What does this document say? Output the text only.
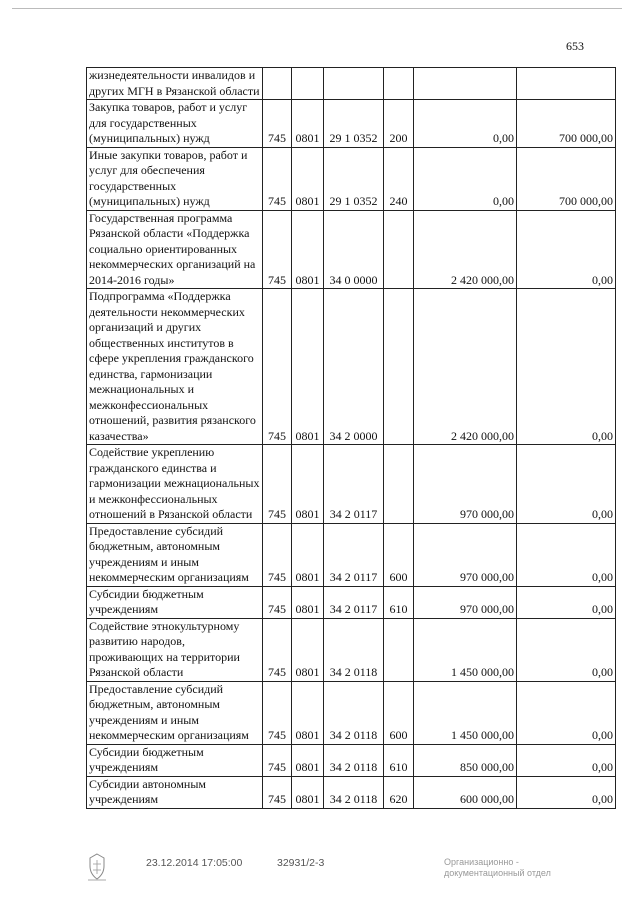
653
жизнедеятельности инвалидов и других МГН в Рязанской области						
Закупка товаров, работ и услуг для государственных (муниципальных) нужд	745	0801	29 1 0352	200	0,00	700 000,00
Иные закупки товаров, работ и услуг для обеспечения государственных (муниципальных) нужд	745	0801	29 1 0352	240	0,00	700 000,00
Государственная программа Рязанской области «Поддержка социально ориентированных некоммерческих организаций на 2014-2016 годы»	745	0801	34 0 0000		2 420 000,00	0,00
Подпрограмма «Поддержка деятельности некоммерческих организаций и других общественных институтов в сфере укрепления гражданского единства, гармонизации межнациональных и межконфессиональных отношений, развития рязанского казачества»	745	0801	34 2 0000		2 420 000,00	0,00
Содействие укреплению гражданского единства и гармонизации межнациональных и межконфессиональных отношений в Рязанской области	745	0801	34 2 0117		970 000,00	0,00
Предоставление субсидий бюджетным, автономным учреждениям и иным некоммерческим организациям	745	0801	34 2 0117	600	970 000,00	0,00
Субсидии бюджетным учреждениям	745	0801	34 2 0117	610	970 000,00	0,00
Содействие этнокультурному развитию народов, проживающих на территории Рязанской области	745	0801	34 2 0118		1 450 000,00	0,00
Предоставление субсидий бюджетным, автономным учреждениям и иным некоммерческим организациям	745	0801	34 2 0118	600	1 450 000,00	0,00
Субсидии бюджетным учреждениям	745	0801	34 2 0118	610	850 000,00	0,00
Субсидии автономным учреждениям	745	0801	34 2 0118	620	600 000,00	0,00
23.12.2014 17:05:00	32931/2-3	Организационно -
документационный отдел
